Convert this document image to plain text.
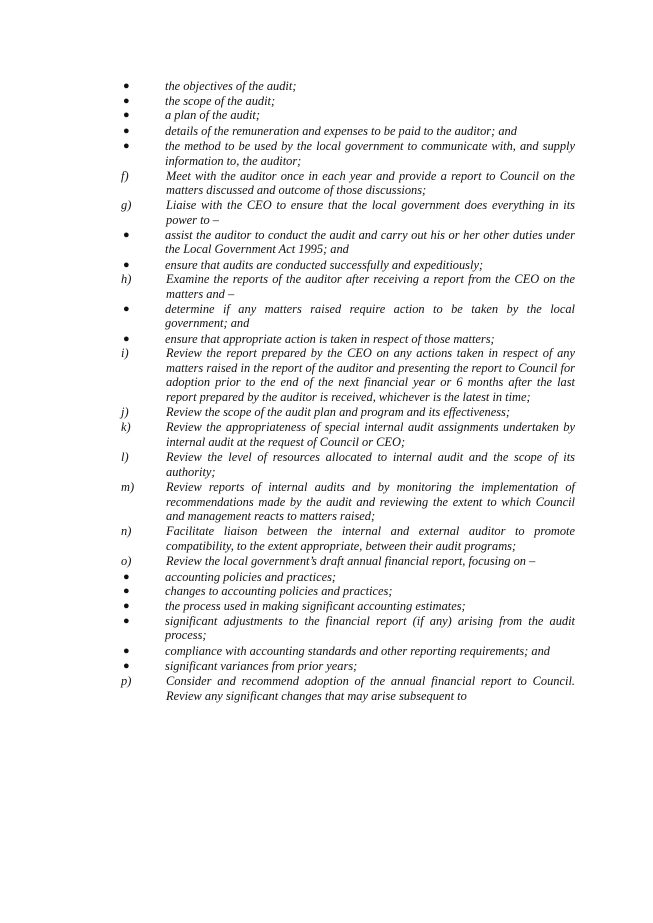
●	the objectives of the audit;
●	the scope of the audit;
●	a plan of the audit;
●	details of the remuneration and expenses to be paid to the auditor; and
●	the method to be used by the local government to communicate with, and supply information to, the auditor;
f)	Meet with the auditor once in each year and provide a report to Council on the matters discussed and outcome of those discussions;
g)	Liaise with the CEO to ensure that the local government does everything in its power to –
●	assist the auditor to conduct the audit and carry out his or her other duties under the Local Government Act 1995; and
●	ensure that audits are conducted successfully and expeditiously;
h)	Examine the reports of the auditor after receiving a report from the CEO on the matters and –
●	determine if any matters raised require action to be taken by the local government; and
●	ensure that appropriate action is taken in respect of those matters;
i)	Review the report prepared by the CEO on any actions taken in respect of any matters raised in the report of the auditor and presenting the report to Council for adoption prior to the end of the next financial year or 6 months after the last report prepared by the auditor is received, whichever is the latest in time;
j)	Review the scope of the audit plan and program and its effectiveness;
k)	Review the appropriateness of special internal audit assignments undertaken by internal audit at the request of Council or CEO;
l)	Review the level of resources allocated to internal audit and the scope of its authority;
m)	Review reports of internal audits and by monitoring the implementation of recommendations made by the audit and reviewing the extent to which Council and management reacts to matters raised;
n)	Facilitate liaison between the internal and external auditor to promote compatibility, to the extent appropriate, between their audit programs;
o)	Review the local government’s draft annual financial report, focusing on –
●	accounting policies and practices;
●	changes to accounting policies and practices;
●	the process used in making significant accounting estimates;
●	significant adjustments to the financial report (if any) arising from the audit process;
●	compliance with accounting standards and other reporting requirements; and
●	significant variances from prior years;
p)	Consider and recommend adoption of the annual financial report to Council. Review any significant changes that may arise subsequent to
